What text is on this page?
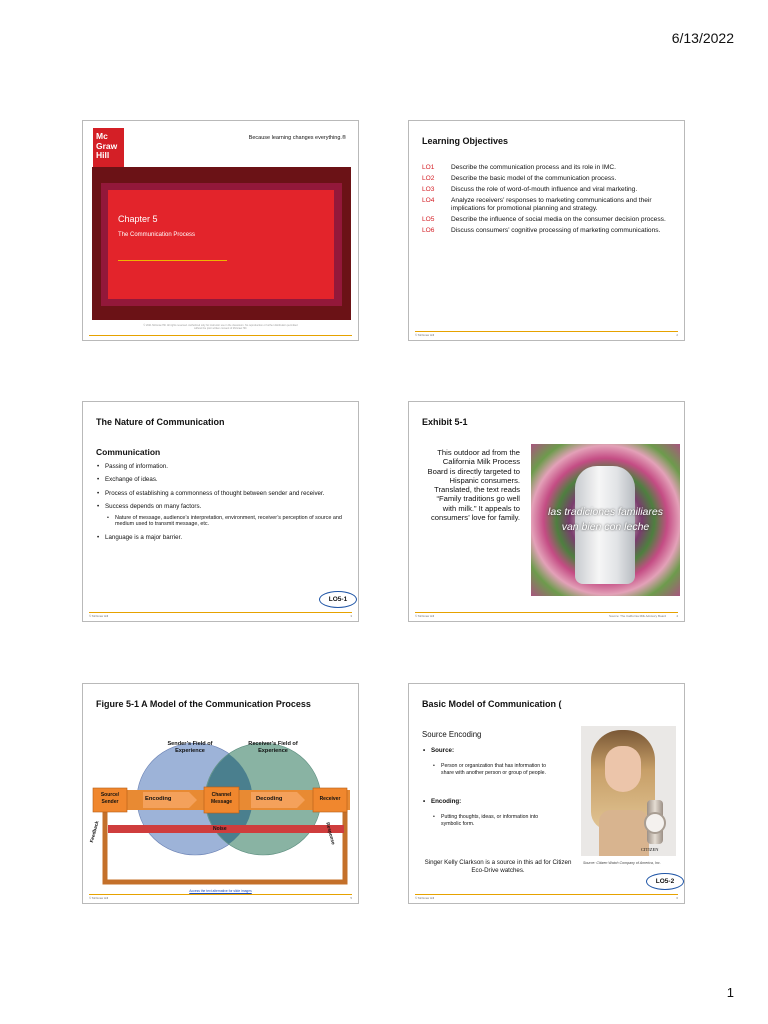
6/13/2022
Mc
Graw
Hill
Because learning changes everything.®
Chapter 5
The Communication Process
© 2021 McGraw Hill. All rights reserved. Authorized only for instructor use in the classroom. No reproduction or further distribution permitted without the prior written consent of McGraw Hill.
Learning Objectives
LO1	Describe the communication process and its role in IMC.
LO2	Describe the basic model of the communication process.
LO3	Discuss the role of word-of-mouth influence and viral marketing.
LO4	Analyze receivers’ responses to marketing communications and their implications for promotional planning and strategy.
LO5	Describe the influence of social media on the consumer decision process.
LO6	Discuss consumers’ cognitive processing of marketing communications.
© McGraw Hill	2
The Nature of Communication
Communication
• Passing of information.
• Exchange of ideas.
• Process of establishing a commonness of thought between sender and receiver.
• Success depends on many factors.
• Nature of message, audience’s interpretation, environment, receiver’s perception of source and medium used to transmit message, etc.
• Language is a major barrier.
LO5-1
© McGraw Hill	3
Exhibit 5-1
This outdoor ad from the California Milk Process Board is directly targeted to Hispanic consumers. Translated, the text reads “Family traditions go well with milk.” It appeals to consumers’ love for family.	las tradiciones familiares
van bien con leche
© McGraw Hill	Source: The California Milk Advisory Board	4
Figure 5-1 A Model of the Communication Process
Sender’s Field of Experience
Receiver’s Field of Experience
Source/ Sender	Encoding
Channel Message	Decoding	Receiver
Noise
Feedback	Response
Access the text alternative for slide images
© McGraw Hill	5
Basic Model of Communication (
Source Encoding
• Source:
• Person or organization that has information to share with another person or group of people.
• Encoding:
• Putting thoughts, ideas, or information into symbolic form.
Singer Kelly Clarkson is a source in this ad for Citizen Eco-Drive watches.
CITIZEN
Source: Citizen Watch Company of America, Inc.
LO5-2
© McGraw Hill	6
1
